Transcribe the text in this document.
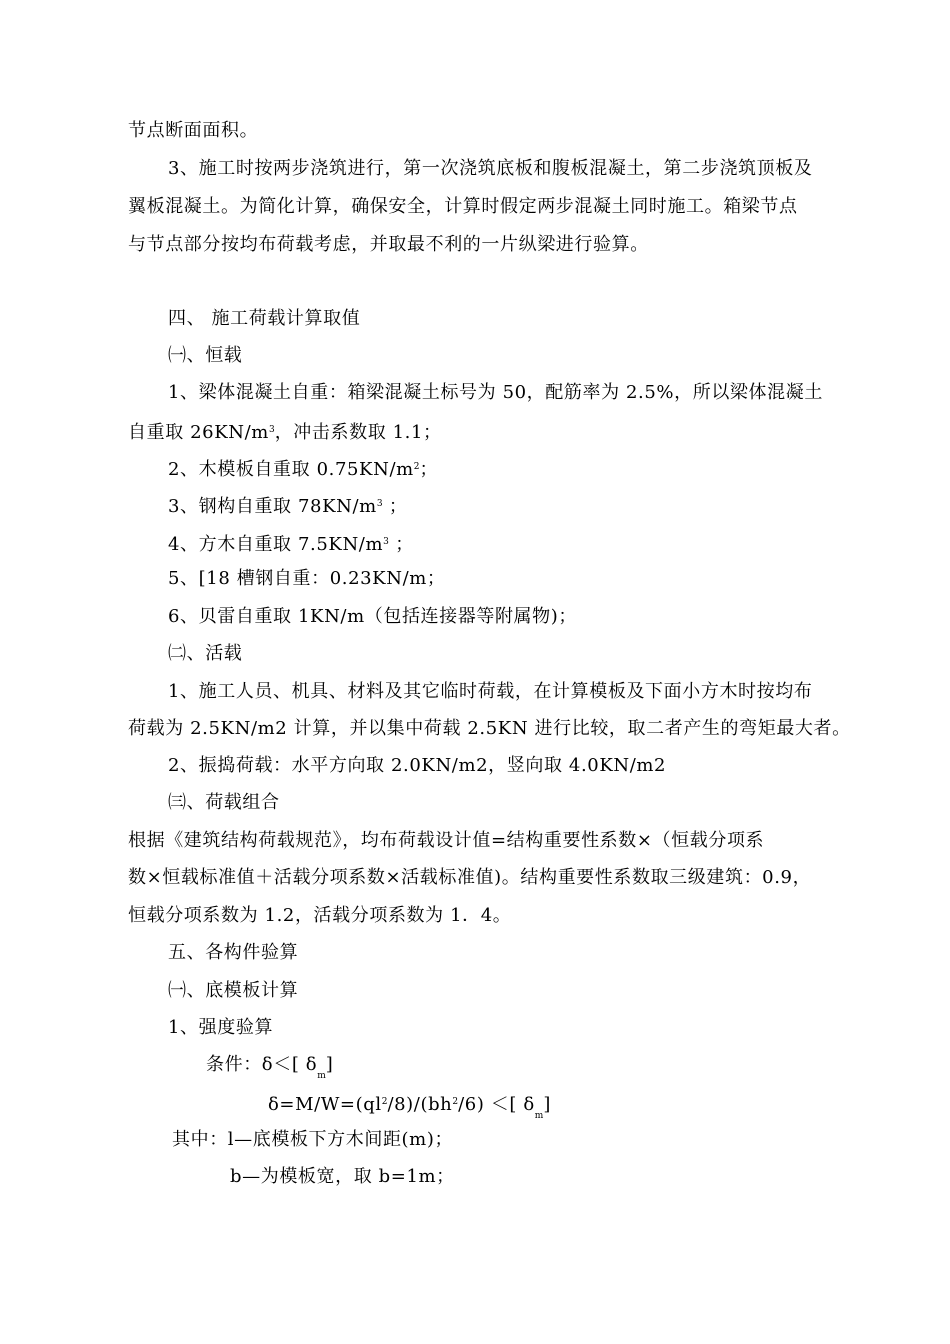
节点断面面积。
3、施工时按两步浇筑进行，第一次浇筑底板和腹板混凝土，第二步浇筑顶板及
翼板混凝土。为简化计算，确保安全，计算时假定两步混凝土同时施工。箱梁节点
与节点部分按均布荷载考虑，并取最不利的一片纵梁进行验算。
四、 施工荷载计算取值
㈠、恒载
1、梁体混凝土自重：箱梁混凝土标号为 50，配筋率为 2.5%，所以梁体混凝土
自重取 $26KN/m^3$，冲击系数取 1.1；
2、木模板自重取 $0.75KN/m^2$；
3、钢构自重取 $78KN/m^3$ ；
4、方木自重取 $7.5KN/m^3$ ；
5、[18 槽钢自重：0.23KN/m；
6、贝雷自重取 1KN/m（包括连接器等附属物)；
㈡、活载
1、施工人员、机具、材料及其它临时荷载，在计算模板及下面小方木时按均布
荷载为 2.5KN/m2 计算，并以集中荷载 2.5KN 进行比较，取二者产生的弯矩最大者。
2、振捣荷载：水平方向取 2.0KN/m2，竖向取 4.0KN/m2
㈢、荷载组合
根据《建筑结构荷载规范》，均布荷载设计值=结构重要性系数×（恒载分项系
数×恒载标准值＋活载分项系数×活载标准值)。结构重要性系数取三级建筑：0.9，
恒载分项系数为 1.2，活载分项系数为 1．4。
五、各构件验算
㈠、底模板计算
1、强度验算
条件：δ＜[ $\delta_m$]
$\delta=M/W=(ql^2/8)/(bh^2/6)$ ＜[ $\delta_m$]
其中：l—底模板下方木间距(m)；
b—为模板宽，取 b=1m；
